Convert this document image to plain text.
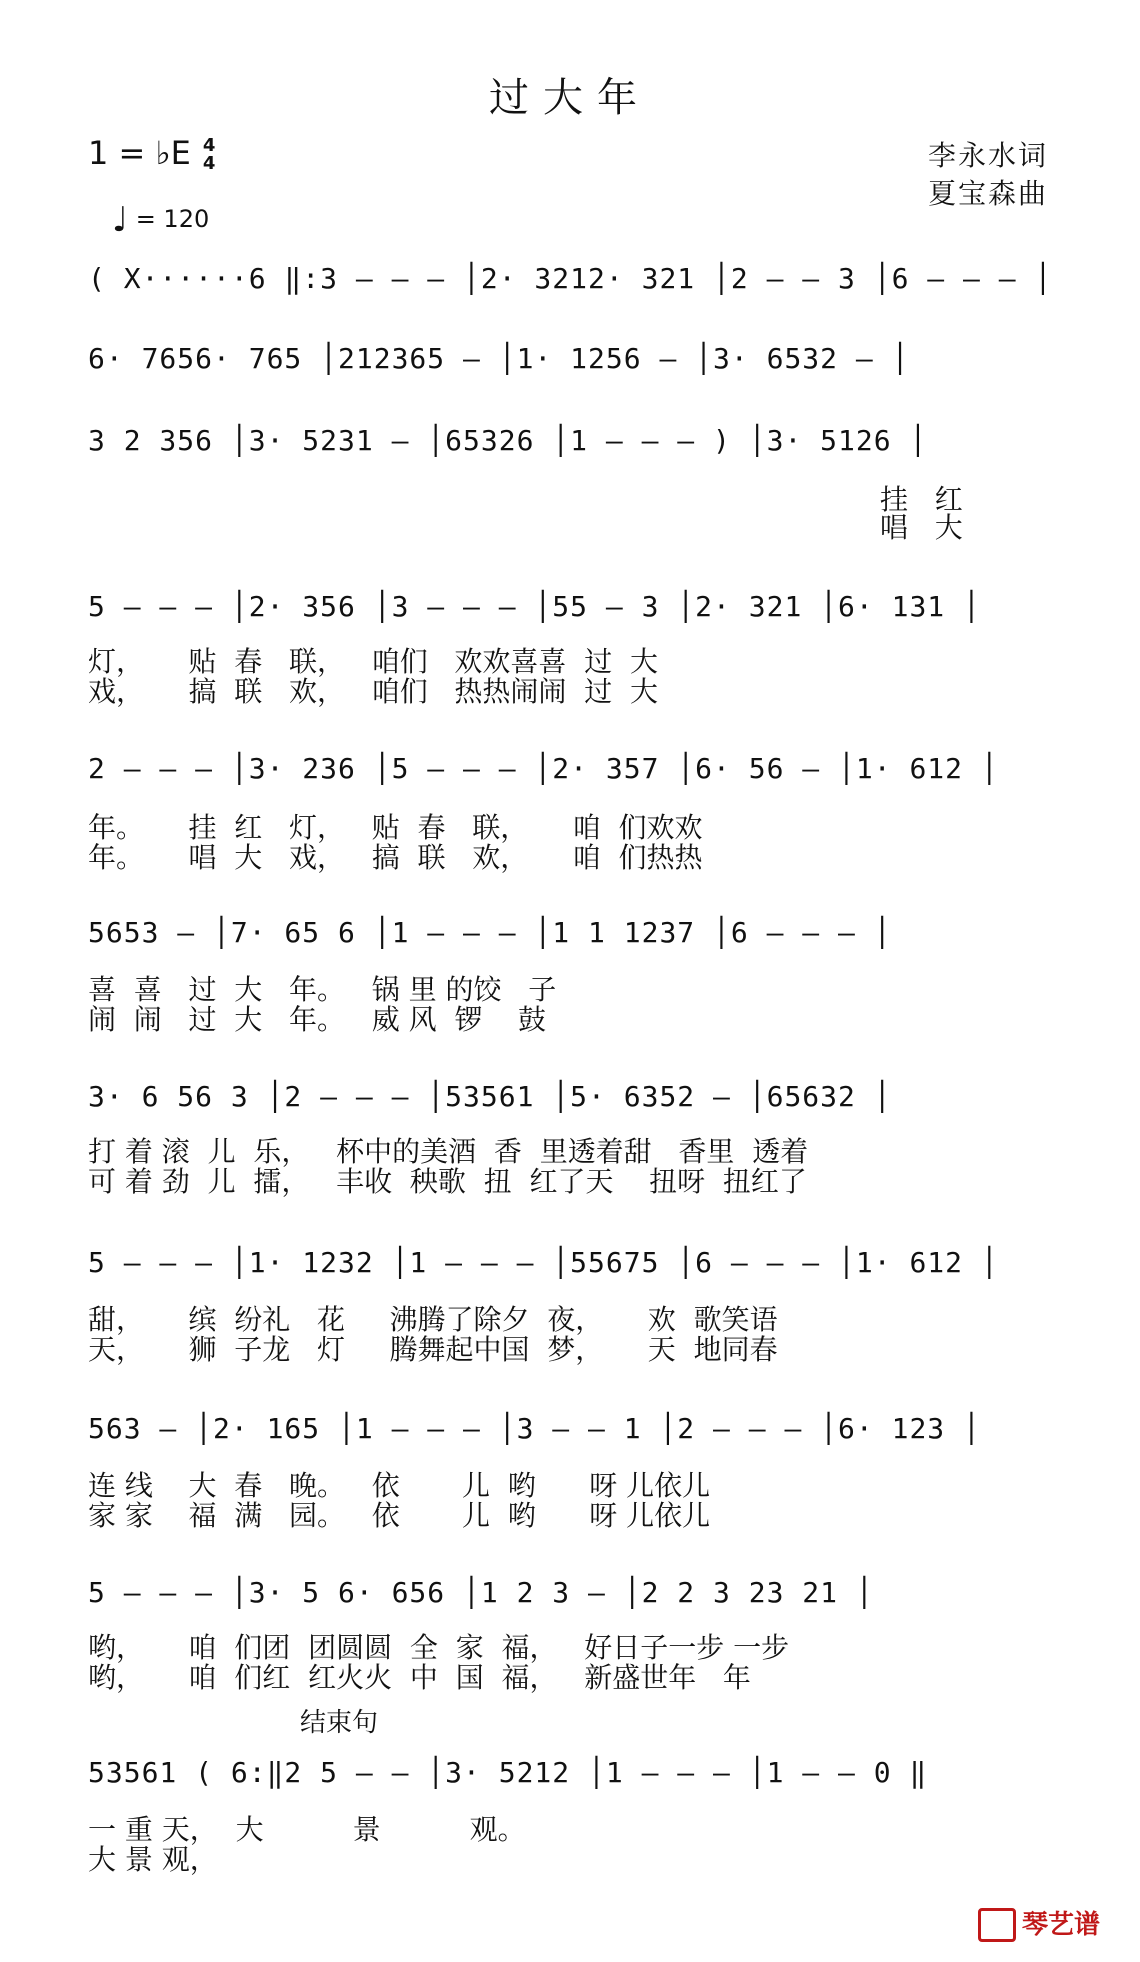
过大年
1 = ♭E 4
4	李永水词
夏宝森曲
♩ = 120
( X······6 ‖:3 — — — │2· 3212· 321 │2 — — 3 │6 — — — │
6· 7656· 765 │212365 — │1· 1256 — │3· 6532 — │
3 2 356 │3· 5231 — │65326 │1 — — — ) │3· 5126 │
挂   红
唱   大
5 — — — │2· 356 │3 — — — │55 — 3 │2· 321 │6· 131 │
灯，     贴  春   联，   咱们   欢欢喜喜  过  大
戏，     搞  联   欢，   咱们   热热闹闹  过  大
2 — — — │3· 236 │5 — — — │2· 357 │6· 56 — │1· 612 │
年。     挂  红   灯，   贴  春   联，     咱  们欢欢
年。     唱  大   戏，   搞  联   欢，     咱  们热热
5653 — │7· 65 6 │1 — — — │1 1 1237 │6 — — — │
喜  喜   过  大   年。   锅 里 的饺   子
闹  闹   过  大   年。   威 风  锣    鼓
3· 6 56 3 │2 — — — │53561 │5· 6352 — │65632 │
打 着 滚  儿  乐，   杯中的美酒  香  里透着甜   香里  透着
可 着 劲  儿  擂，   丰收  秧歌  扭  红了天    扭呀  扭红了
5 — — — │1· 1232 │1 — — — │55675 │6 — — — │1· 612 │
甜，     缤  纷礼   花     沸腾了除夕  夜，     欢  歌笑语
天，     狮  子龙   灯     腾舞起中国  梦，     天  地同春
563 — │2· 165 │1 — — — │3 — — 1 │2 — — — │6· 123 │
连 线    大  春   晚。   依       儿  哟      呀 儿依儿
家 家    福  满   园。   依       儿  哟      呀 儿依儿
5 — — — │3· 5 6· 656 │1 2 3 — │2 2 3 23 21 │
哟，     咱  们团  团圆圆  全  家  福，   好日子一步 一步
哟，     咱  们红  红火火  中  国  福，   新盛世年   年
结束句
53561 ( 6:‖2 5 — — │3· 5212 │1 — — — │1 — — 0 ‖
一 重 天，  大          景          观。
大 景 观，
琴艺谱
